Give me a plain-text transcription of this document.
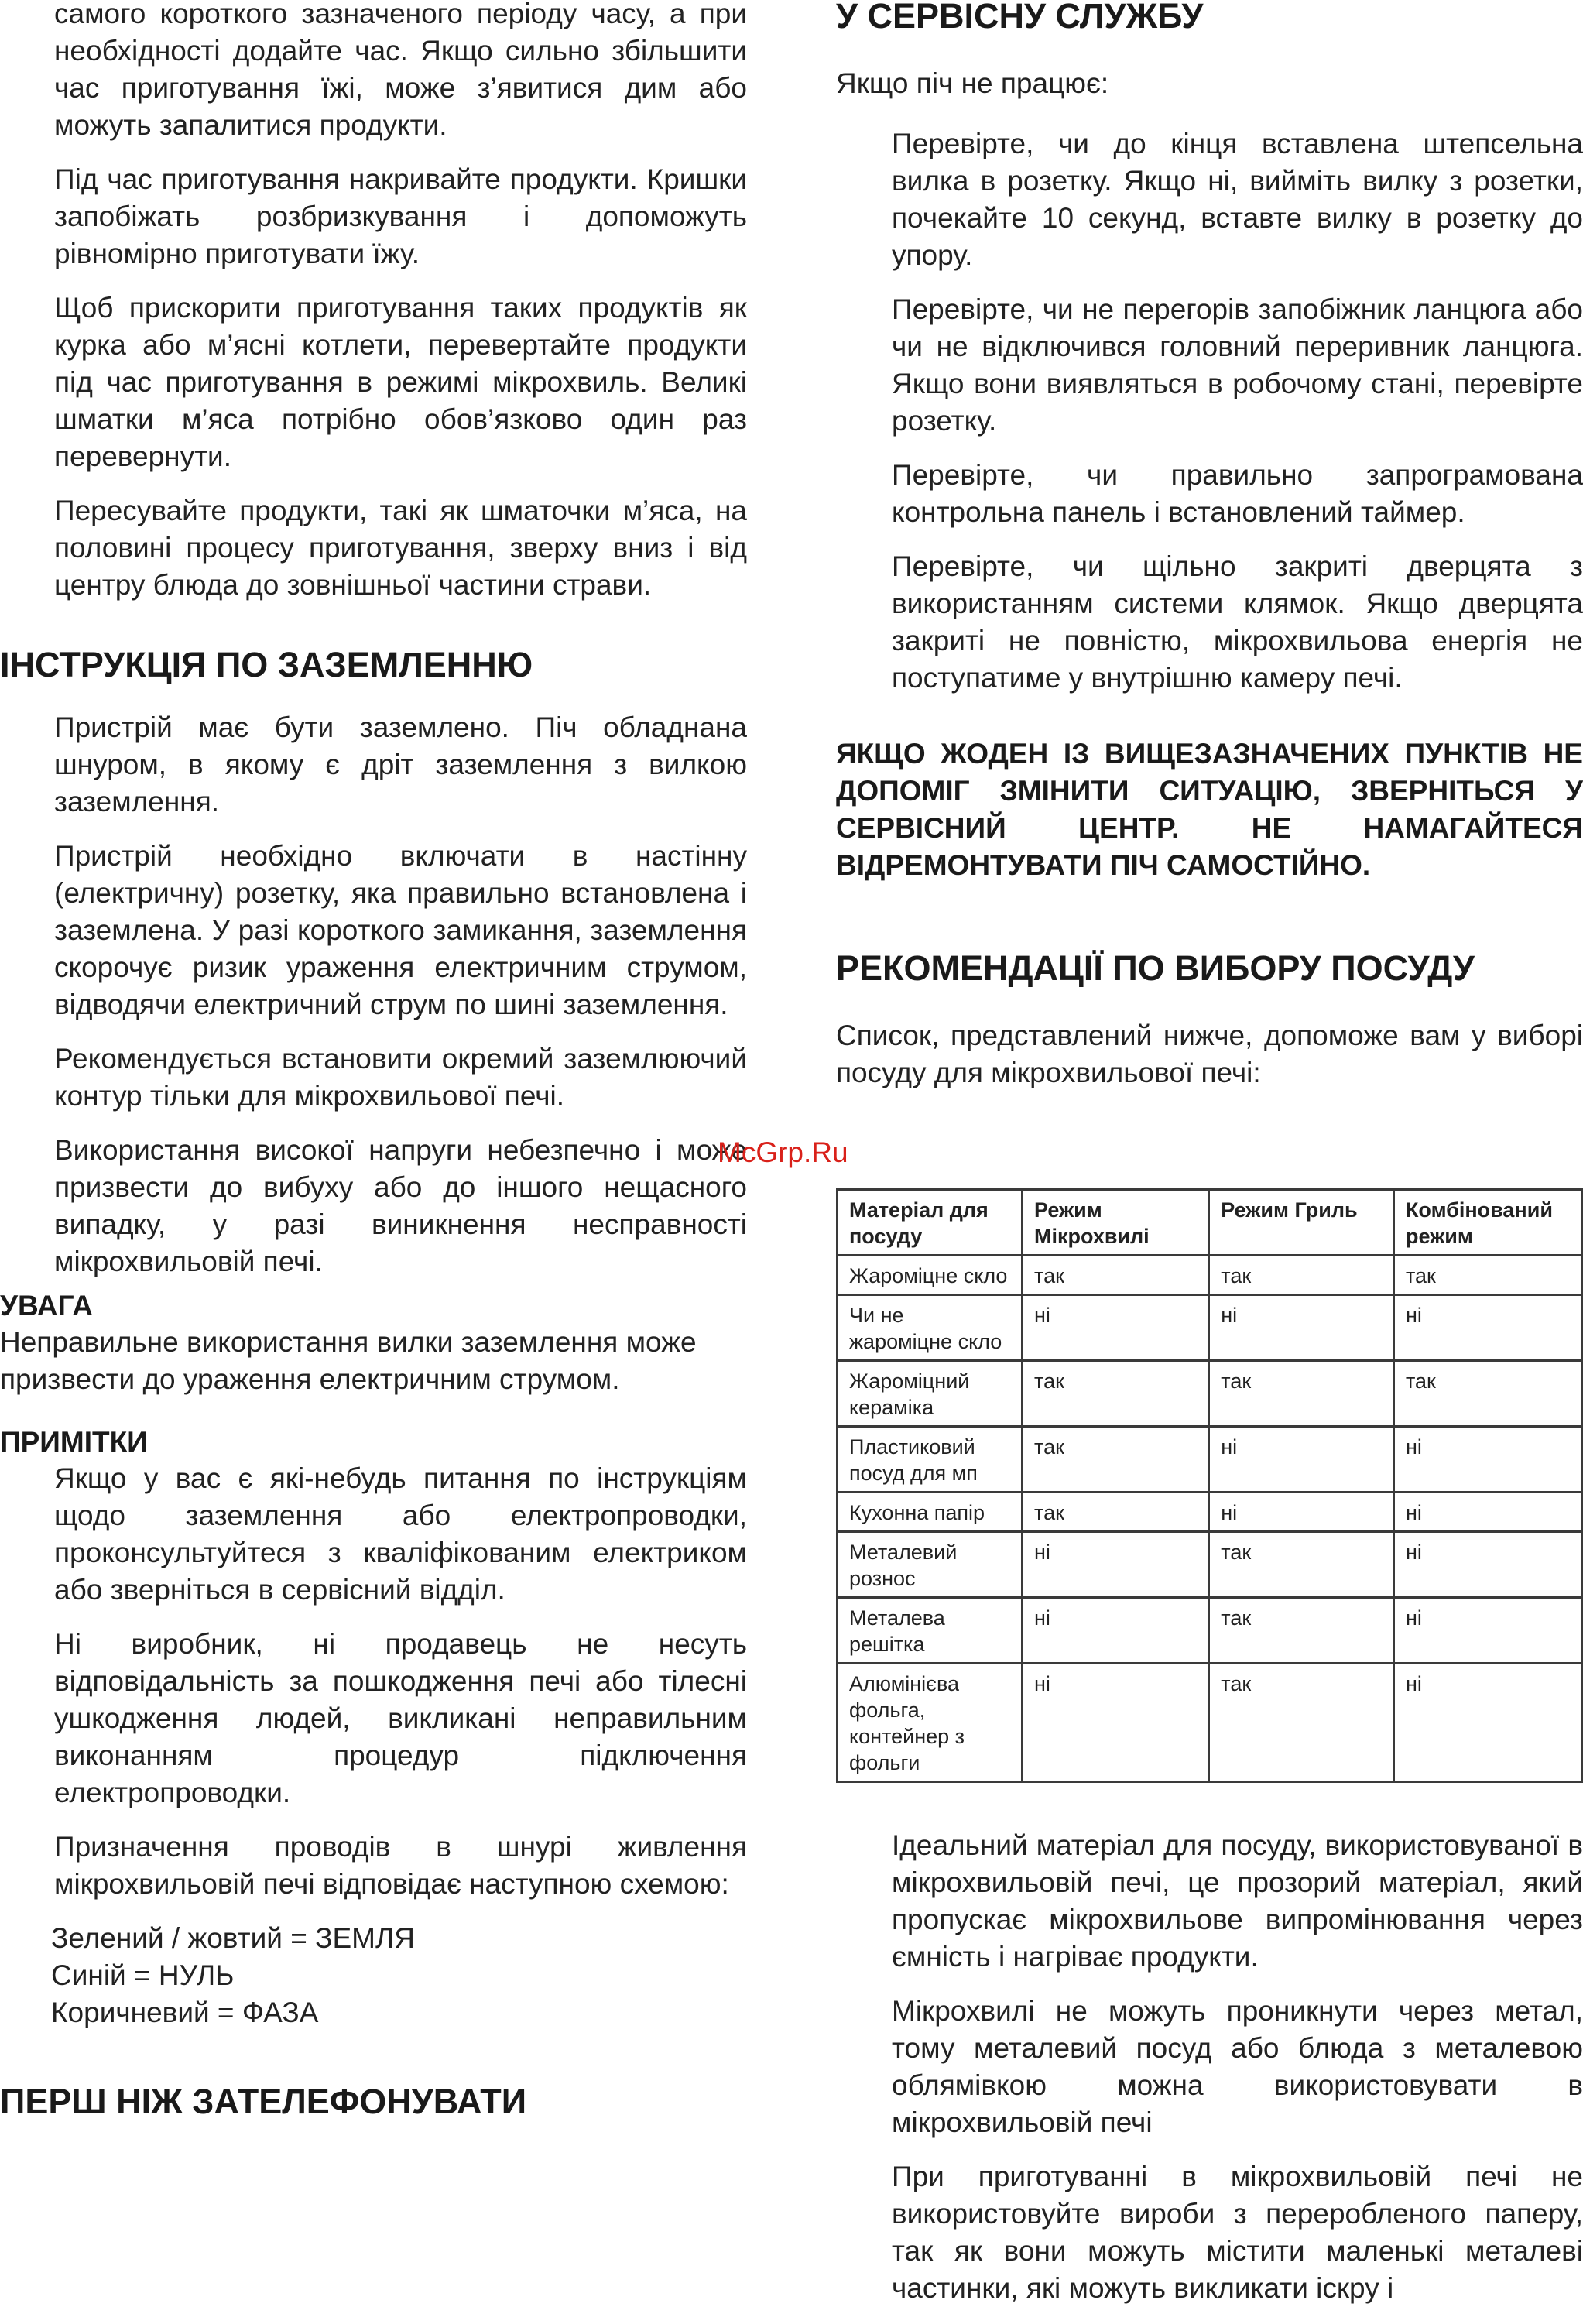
самого короткого зазначеного періоду часу, а при необхідності додайте час. Якщо сильно збільшити час приготування їжі, може з’явитися дим або можуть запалитися продукти.

Під час приготування накривайте продукти. Кришки запобіжать розбризкування і допоможуть рівномірно приготувати їжу.

Щоб прискорити приготування таких продуктів як курка або м’ясні котлети, перевертайте продукти під час приготування в режимі мікрохвиль. Великі шматки м’яса потрібно обов’язково один раз перевернути.

Пересувайте продукти, такі як шматочки м’яса, на половині процесу приготування, зверху вниз і від центру блюда до зовнішньої частини страви.

ІНСТРУКЦІЯ ПО ЗАЗЕМЛЕННЮ

Пристрій має бути заземлено. Піч обладнана шнуром, в якому є дріт заземлення з вилкою заземлення.

Пристрій необхідно включати в настінну (електричну) розетку, яка правильно встановлена і заземлена. У разі короткого замикання, заземлення скорочує ризик ураження електричним струмом, відводячи електричний струм по шині заземлення.

Рекомендується встановити окремий заземлюючий контур тільки для мікрохвильової печі.

Використання високої напруги небезпечно і може призвести до вибуху або до іншого нещасного випадку, у разі виникнення несправності мікрохвильовій печі.

УВАГА

Неправильне використання вилки заземлення може призвести до ураження електричним струмом.

ПРИМІТКИ

Якщо у вас є які-небудь питання по інструкціям щодо заземлення або електропроводки, проконсультуйтеся з кваліфікованим електриком або зверніться в сервісний відділ.

Ні виробник, ні продавець не несуть відповідальність за пошкодження печі або тілесні ушкодження людей, викликані неправильним виконанням процедур підключення електропроводки.

Призначення проводів в шнурі живлення мікрохвильовій печі відповідає наступною схемою:

Зелений / жовтий = ЗЕМЛЯ

Синій = НУЛЬ

Коричневий = ФАЗА

ПЕРШ НІЖ ЗАТЕЛЕФОНУВАТИ
У СЕРВІСНУ СЛУЖБУ

Якщо піч не працює:

Перевірте, чи до кінця вставлена штепсельна вилка в розетку. Якщо ні, вийміть вилку з розетки, почекайте 10 секунд, вставте вилку в розетку до упору.

Перевірте, чи не перегорів запобіжник ланцюга або чи не відключився головний переривник ланцюга. Якщо вони виявляться в робочому стані, перевірте розетку.

Перевірте, чи правильно запрограмована контрольна панель і встановлений таймер.

Перевірте, чи щільно закриті дверцята з використанням системи клямок. Якщо дверцята закриті не повністю, мікрохвильова енергія не поступатиме у внутрішню камеру печі.

ЯКЩО ЖОДЕН ІЗ ВИЩЕЗАЗНАЧЕНИХ ПУНКТІВ НЕ ДОПОМІГ ЗМІНИТИ СИТУАЦІЮ, ЗВЕРНІТЬСЯ У СЕРВІСНИЙ ЦЕНТР. НЕ НАМАГАЙТЕСЯ ВІДРЕМОНТУВАТИ ПІЧ САМОСТІЙНО.

РЕКОМЕНДАЦІЇ ПО ВИБОРУ ПОСУДУ

Список, представлений нижче, допоможе вам у виборі посуду для мікрохвильової печі:

McGrp.Ru
Матеріал для посуду	Режим Мікрохвилі	Режим Гриль	Комбінований режим
Жароміцне скло	так	так	так
Чи не жароміцне скло	ні	ні	ні
Жароміцний кераміка	так	так	так
Пластиковий посуд для мп	так	ні	ні
Кухонна папір	так	ні	ні
Металевий рознос	ні	так	ні
Металева решітка	ні	так	ні
Алюмінієва фольга, контейнер з фольги	ні	так	ні

Ідеальний матеріал для посуду, використовуваної в мікрохвильовій печі, це прозорий матеріал, який пропускає мікрохвильове випромінювання через ємність і нагріває продукти.

Мікрохвилі не можуть проникнути через метал, тому металевий посуд або блюда з металевою облямівкою можна використовувати в мікрохвильовій печі

При приготуванні в мікрохвильовій печі не використовуйте вироби з переробленого паперу, так як вони можуть містити маленькі металеві частинки, які можуть викликати іскру і
